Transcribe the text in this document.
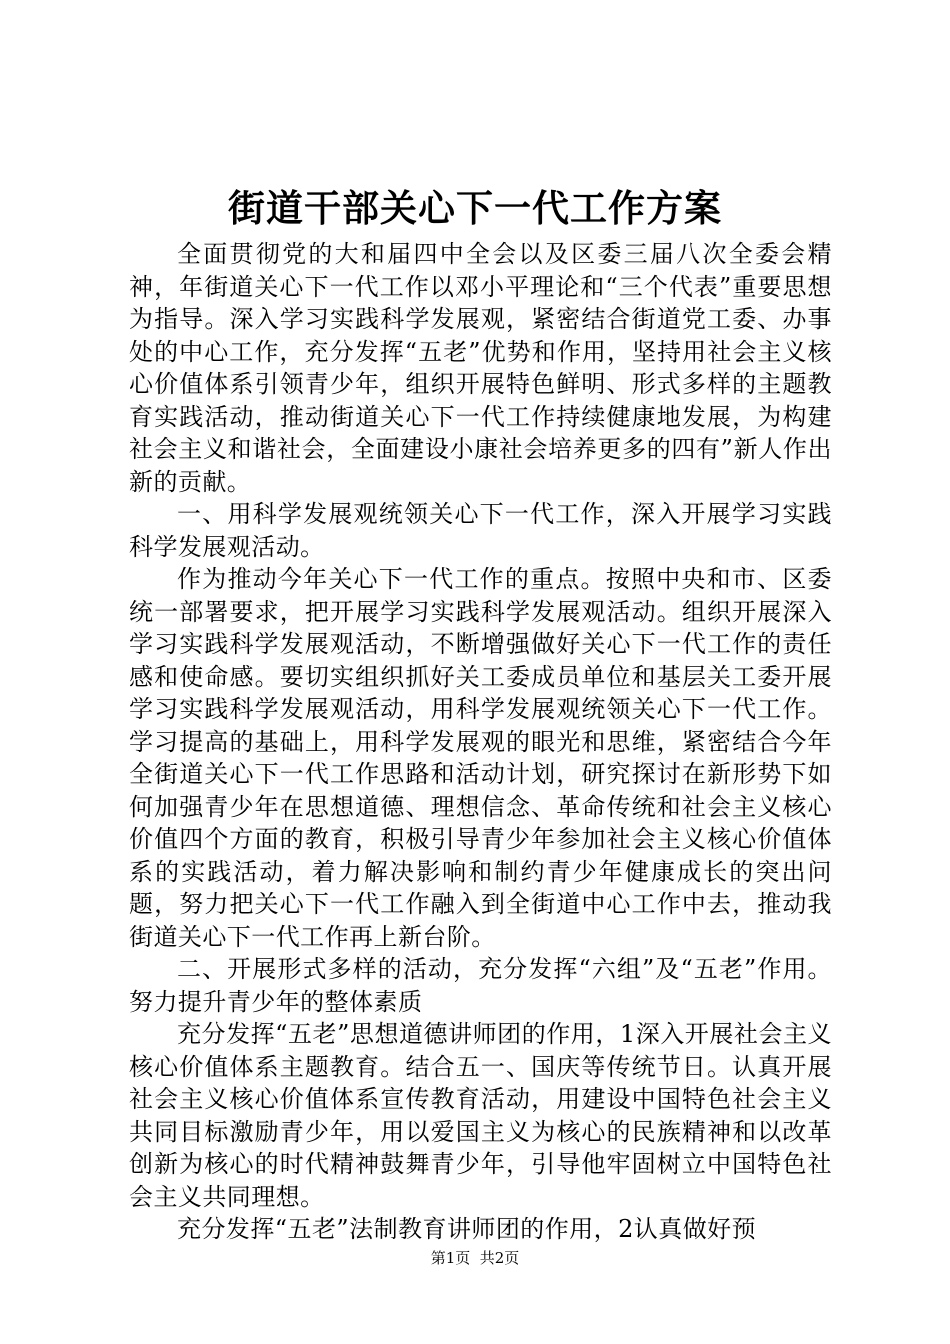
街道干部关心下一代工作方案

全面贯彻党的大和届四中全会以及区委三届八次全委会精神，年街道关心下一代工作以邓小平理论和“三个代表”重要思想为指导。深入学习实践科学发展观，紧密结合街道党工委、办事处的中心工作，充分发挥“五老”优势和作用，坚持用社会主义核心价值体系引领青少年，组织开展特色鲜明、形式多样的主题教育实践活动，推动街道关心下一代工作持续健康地发展，为构建社会主义和谐社会，全面建设小康社会培养更多的四有”新人作出新的贡献。

一、用科学发展观统领关心下一代工作，深入开展学习实践科学发展观活动。

作为推动今年关心下一代工作的重点。按照中央和市、区委统一部署要求，把开展学习实践科学发展观活动。组织开展深入学习实践科学发展观活动，不断增强做好关心下一代工作的责任感和使命感。要切实组织抓好关工委成员单位和基层关工委开展学习实践科学发展观活动，用科学发展观统领关心下一代工作。学习提高的基础上，用科学发展观的眼光和思维，紧密结合今年全街道关心下一代工作思路和活动计划，研究探讨在新形势下如何加强青少年在思想道德、理想信念、革命传统和社会主义核心价值四个方面的教育，积极引导青少年参加社会主义核心价值体系的实践活动，着力解决影响和制约青少年健康成长的突出问题，努力把关心下一代工作融入到全街道中心工作中去，推动我街道关心下一代工作再上新台阶。

二、开展形式多样的活动，充分发挥“六组”及“五老”作用。努力提升青少年的整体素质

充分发挥“五老”思想道德讲师团的作用，1深入开展社会主义核心价值体系主题教育。结合五一、国庆等传统节日。认真开展社会主义核心价值体系宣传教育活动，用建设中国特色社会主义共同目标激励青少年，用以爱国主义为核心的民族精神和以改革创新为核心的时代精神鼓舞青少年，引导他牢固树立中国特色社会主义共同理想。

充分发挥“五老”法制教育讲师团的作用，2认真做好预

第1页  共2页
